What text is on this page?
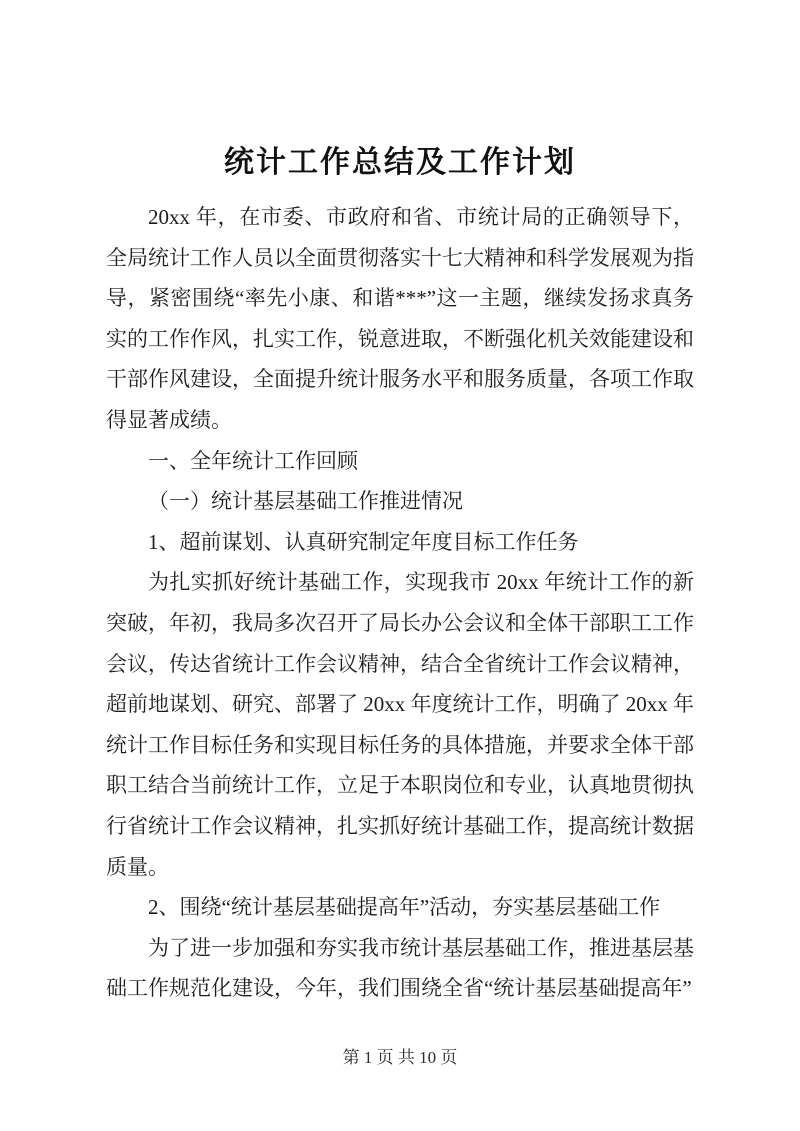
统计工作总结及工作计划

20xx 年，在市委、市政府和省、市统计局的正确领导下，全局统计工作人员以全面贯彻落实十七大精神和科学发展观为指导，紧密围绕“率先小康、和谐***”这一主题，继续发扬求真务实的工作作风，扎实工作，锐意进取，不断强化机关效能建设和干部作风建设，全面提升统计服务水平和服务质量，各项工作取得显著成绩。

一、全年统计工作回顾

（一）统计基层基础工作推进情况

1、超前谋划、认真研究制定年度目标工作任务

为扎实抓好统计基础工作，实现我市 20xx 年统计工作的新突破，年初，我局多次召开了局长办公会议和全体干部职工工作会议，传达省统计工作会议精神，结合全省统计工作会议精神，超前地谋划、研究、部署了 20xx 年度统计工作，明确了 20xx 年统计工作目标任务和实现目标任务的具体措施，并要求全体干部职工结合当前统计工作，立足于本职岗位和专业，认真地贯彻执行省统计工作会议精神，扎实抓好统计基础工作，提高统计数据质量。

2、围绕“统计基层基础提高年”活动，夯实基层基础工作

为了进一步加强和夯实我市统计基层基础工作，推进基层基础工作规范化建设，今年，我们围绕全省“统计基层基础提高年”

第 1 页 共 10 页
